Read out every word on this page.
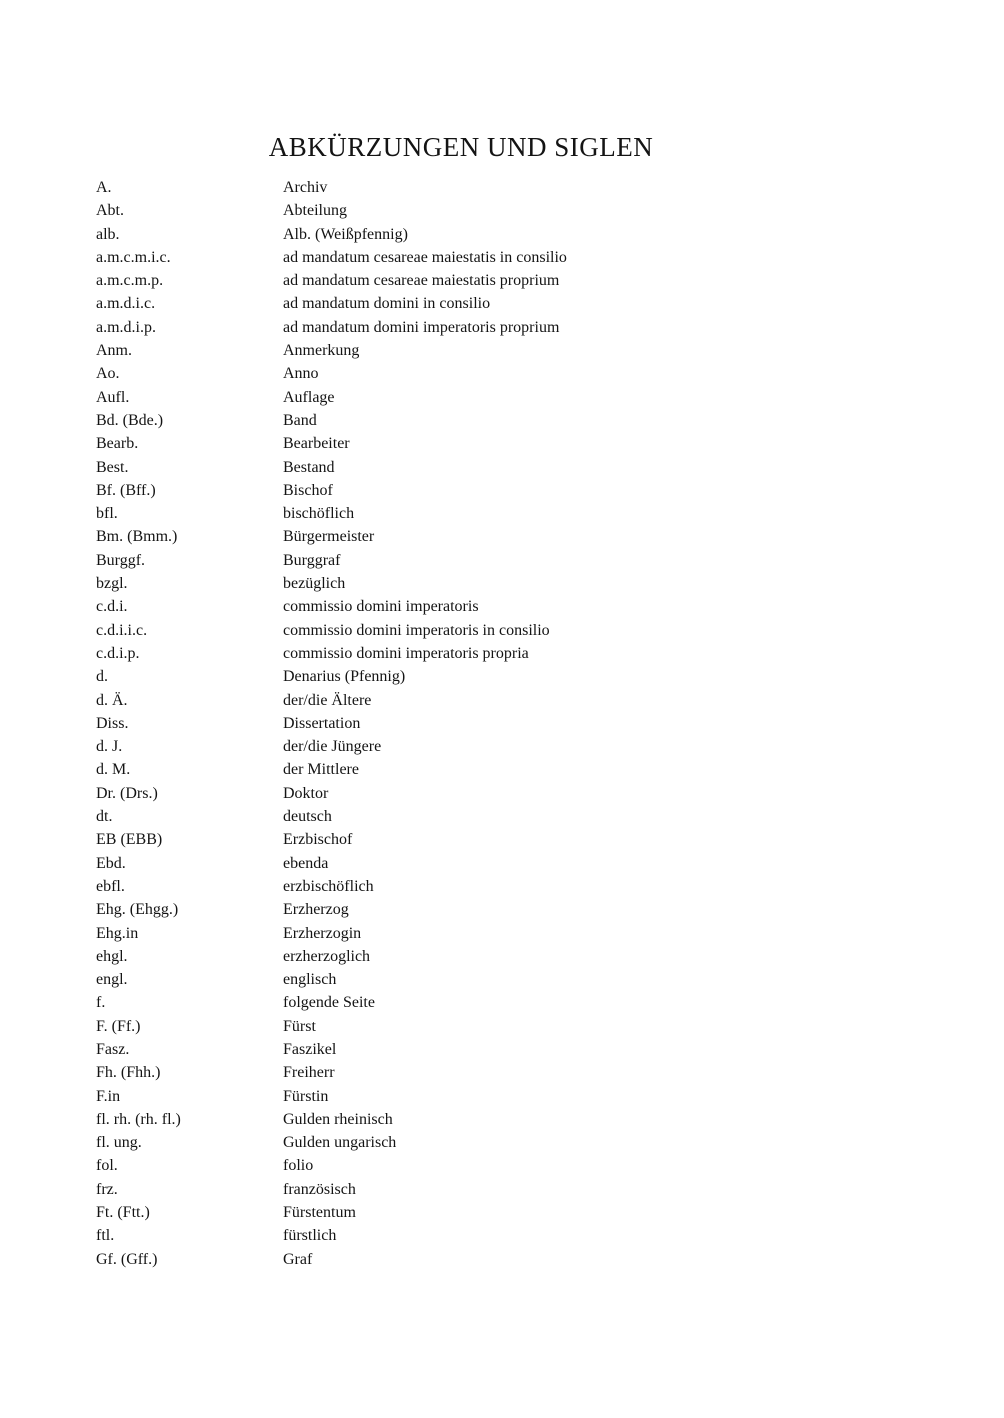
ABKÜRZUNGEN UND SIGLEN
A.	Archiv
Abt.	Abteilung
alb.	Alb. (Weißpfennig)
a.m.c.m.i.c.	ad mandatum cesareae maiestatis in consilio
a.m.c.m.p.	ad mandatum cesareae maiestatis proprium
a.m.d.i.c.	ad mandatum domini in consilio
a.m.d.i.p.	ad mandatum domini imperatoris proprium
Anm.	Anmerkung
Ao.	Anno
Aufl.	Auflage
Bd. (Bde.)	Band
Bearb.	Bearbeiter
Best.	Bestand
Bf. (Bff.)	Bischof
bfl.	bischöflich
Bm. (Bmm.)	Bürgermeister
Burggf.	Burggraf
bzgl.	bezüglich
c.d.i.	commissio domini imperatoris
c.d.i.i.c.	commissio domini imperatoris in consilio
c.d.i.p.	commissio domini imperatoris propria
d.	Denarius (Pfennig)
d. Ä.	der/die Ältere
Diss.	Dissertation
d. J.	der/die Jüngere
d. M.	der Mittlere
Dr. (Drs.)	Doktor
dt.	deutsch
EB (EBB)	Erzbischof
Ebd.	ebenda
ebfl.	erzbischöflich
Ehg. (Ehgg.)	Erzherzog
Ehg.in	Erzherzogin
ehgl.	erzherzoglich
engl.	englisch
f.	folgende Seite
F. (Ff.)	Fürst
Fasz.	Faszikel
Fh. (Fhh.)	Freiherr
F.in	Fürstin
fl. rh. (rh. fl.)	Gulden rheinisch
fl. ung.	Gulden ungarisch
fol.	folio
frz.	französisch
Ft. (Ftt.)	Fürstentum
ftl.	fürstlich
Gf. (Gff.)	Graf
